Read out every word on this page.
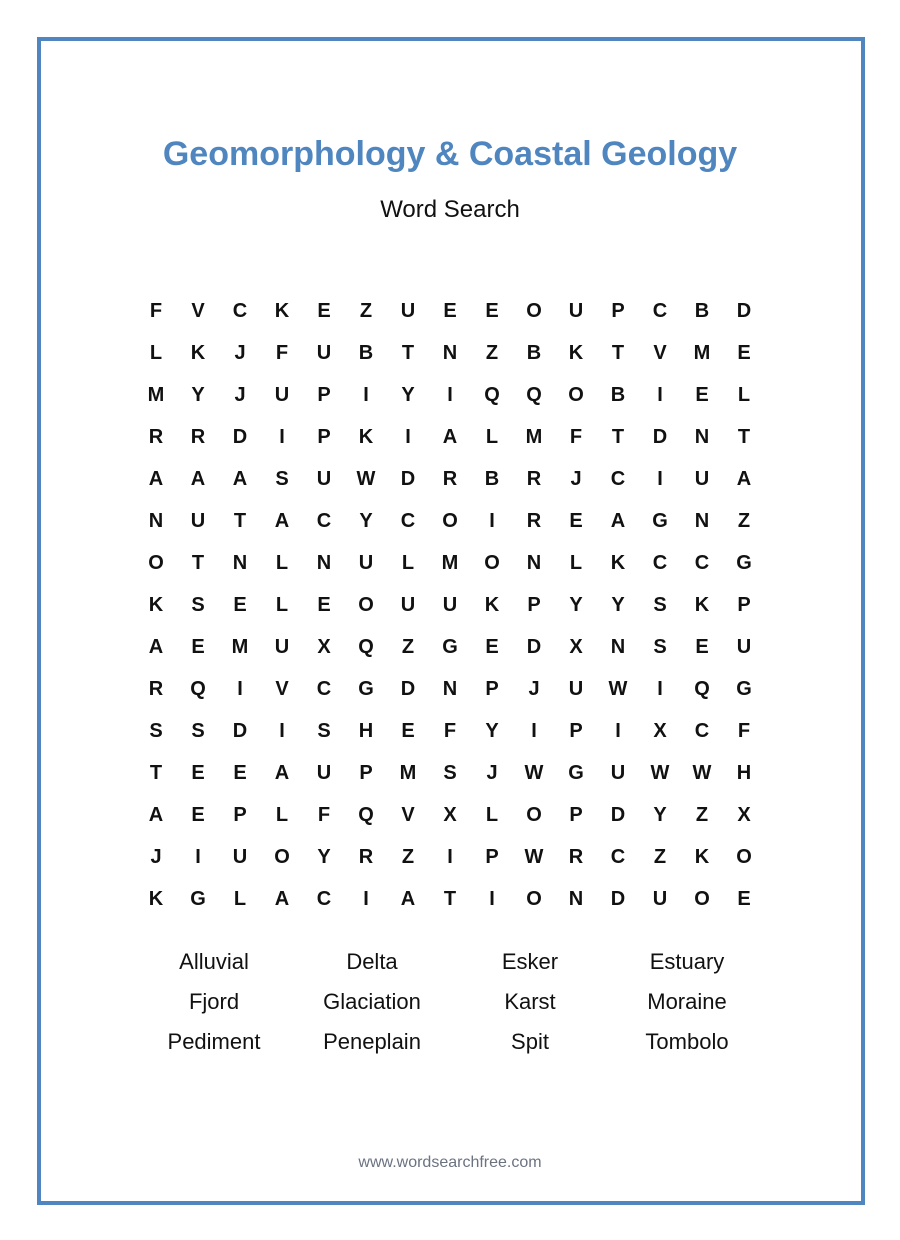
Geomorphology & Coastal Geology
Word Search
F	V	C	K	E	Z	U	E	E	O	U	P	C	B	D
L	K	J	F	U	B	T	N	Z	B	K	T	V	M	E
M	Y	J	U	P	I	Y	I	Q	Q	O	B	I	E	L
R	R	D	I	P	K	I	A	L	M	F	T	D	N	T
A	A	A	S	U	W	D	R	B	R	J	C	I	U	A
N	U	T	A	C	Y	C	O	I	R	E	A	G	N	Z
O	T	N	L	N	U	L	M	O	N	L	K	C	C	G
K	S	E	L	E	O	U	U	K	P	Y	Y	S	K	P
A	E	M	U	X	Q	Z	G	E	D	X	N	S	E	U
R	Q	I	V	C	G	D	N	P	J	U	W	I	Q	G
S	S	D	I	S	H	E	F	Y	I	P	I	X	C	F
T	E	E	A	U	P	M	S	J	W	G	U	W	W	H
A	E	P	L	F	Q	V	X	L	O	P	D	Y	Z	X
J	I	U	O	Y	R	Z	I	P	W	R	C	Z	K	O
K	G	L	A	C	I	A	T	I	O	N	D	U	O	E
Alluvial	Delta	Esker	Estuary
Fjord	Glaciation	Karst	Moraine
Pediment	Peneplain	Spit	Tombolo
www.wordsearchfree.com
